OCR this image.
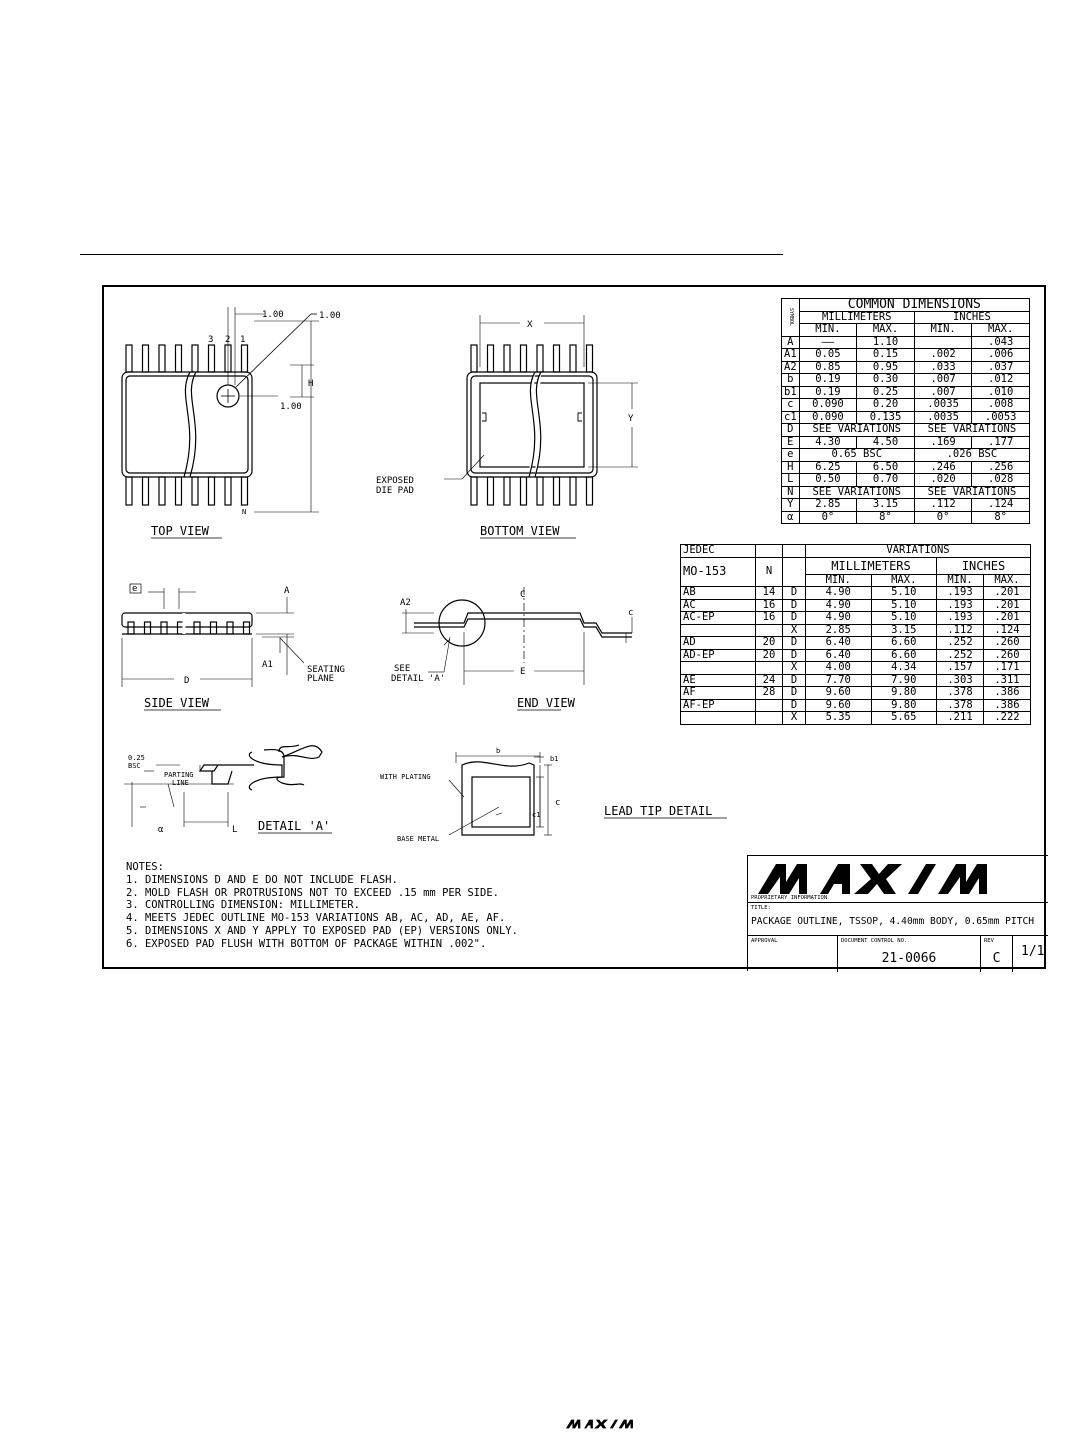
TOP VIEW	BOTTOM VIEW
SIDE VIEW	END VIEW
DETAIL 'A'
LEAD TIP DETAIL
1.00	1.00
1.00
3 2 1
H
N
X
Y
EXPOSED
DIE PAD
e	A
A1
D
SEATING
PLANE
A2
C
c
SEE
DETAIL 'A'
E
0.25
BSC
PARTING
LINE
α	L
b
b1
WITH PLATING
BASE METAL
c1
c
SYMBOL	COMMON DIMENSIONS			
	MILLIMETERS		INCHES	
	MIN.	MAX.	MIN.	MAX.
A	——	1.10		.043
A1	0.05	0.15	.002	.006
A2	0.85	0.95	.033	.037
b	0.19	0.30	.007	.012
b1	0.19	0.25	.007	.010
c	0.090	0.20	.0035	.008
c1	0.090	0.135	.0035	.0053
D	SEE VARIATIONS		SEE VARIATIONS	
E	4.30	4.50	.169	.177
e	0.65 BSC		.026 BSC	
H	6.25	6.50	.246	.256
L	0.50	0.70	.020	.028
N	SEE VARIATIONS		SEE VARIATIONS	
Y	2.85	3.15	.112	.124
α	0°	8°	0°	8°
JEDEC			VARIATIONS			
MO-153	N		MILLIMETERS		INCHES	
			MIN.	MAX.	MIN.	MAX.
AB	14	D	4.90	5.10	.193	.201
AC	16	D	4.90	5.10	.193	.201
AC-EP	16	D	4.90	5.10	.193	.201
		X	2.85	3.15	.112	.124
AD	20	D	6.40	6.60	.252	.260
AD-EP	20	D	6.40	6.60	.252	.260
		X	4.00	4.34	.157	.171
AE	24	D	7.70	7.90	.303	.311
AF	28	D	9.60	9.80	.378	.386
AF-EP		D	9.60	9.80	.378	.386
		X	5.35	5.65	.211	.222
NOTES:
1. DIMENSIONS D AND E DO NOT INCLUDE FLASH.
2. MOLD FLASH OR PROTRUSIONS NOT TO EXCEED .15 mm PER SIDE.
3. CONTROLLING DIMENSION: MILLIMETER.
4. MEETS JEDEC OUTLINE MO-153 VARIATIONS AB, AC, AD, AE, AF.
5. DIMENSIONS X AND Y APPLY TO EXPOSED PAD (EP) VERSIONS ONLY.
6. EXPOSED PAD FLUSH WITH BOTTOM OF PACKAGE WITHIN .002".
PROPRIETARY INFORMATION
TITLE:
PACKAGE OUTLINE, TSSOP, 4.40mm BODY, 0.65mm PITCH
APPROVAL	DOCUMENT CONTROL NO.
21-0066
REV
C	1/1
